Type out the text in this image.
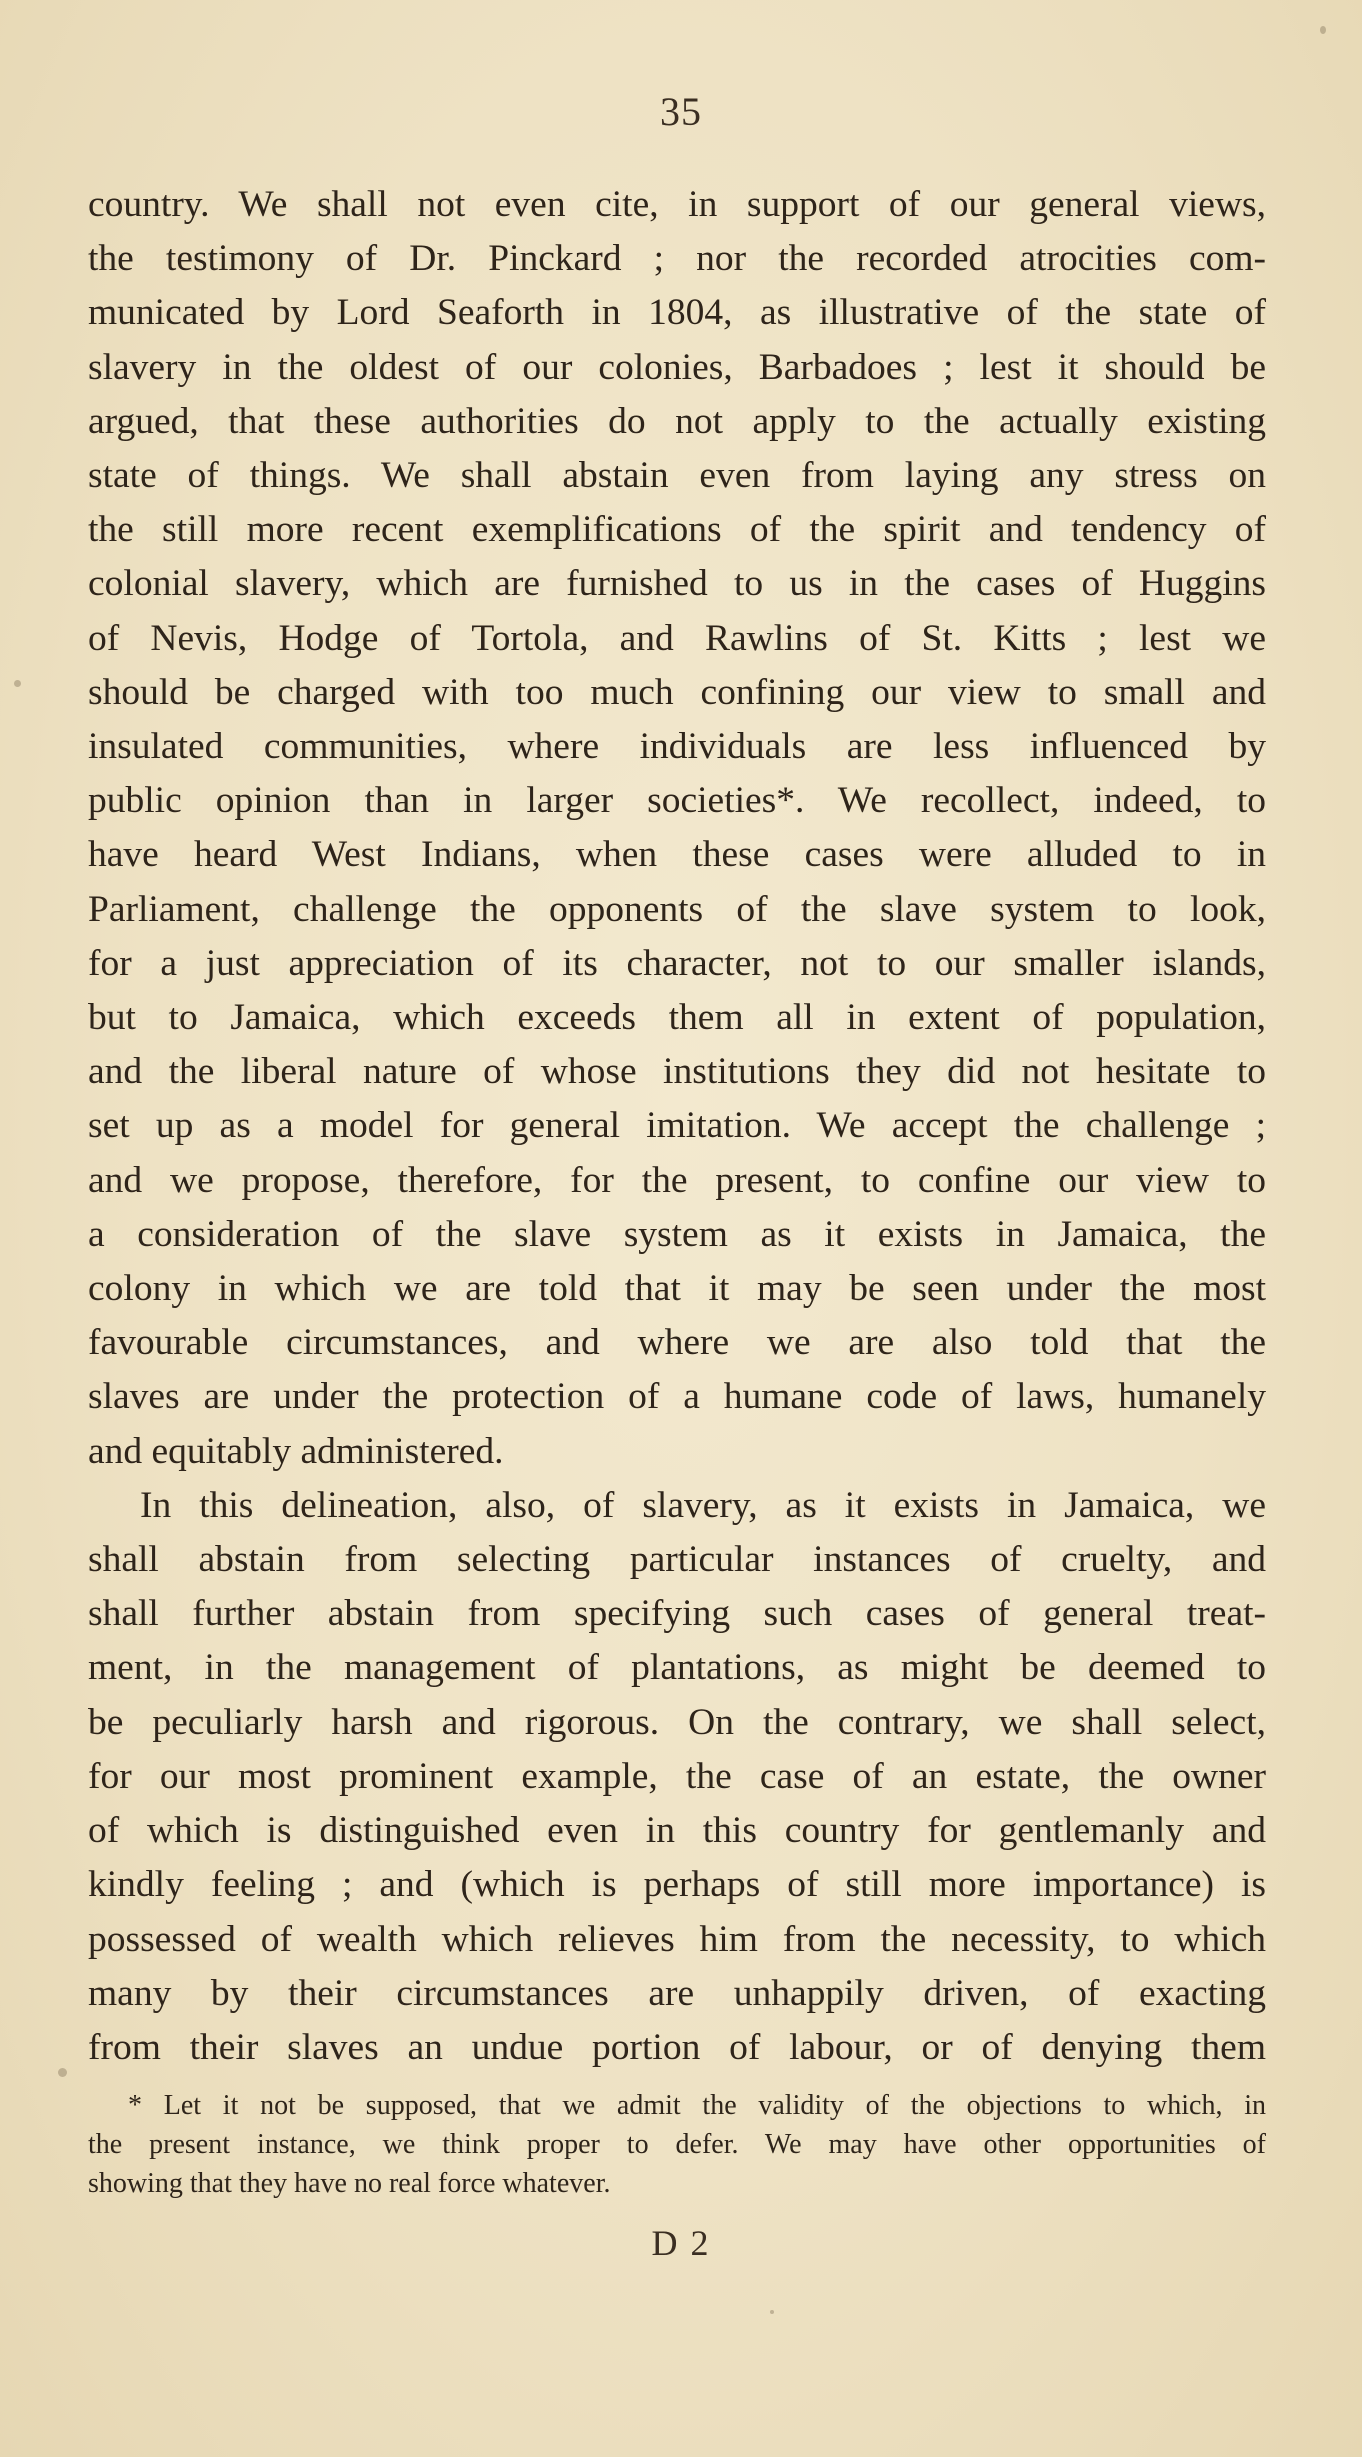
35

country. We shall not even cite, in support of our general views,

the testimony of Dr. Pinckard ; nor the recorded atrocities com-

municated by Lord Seaforth in 1804, as illustrative of the state of

slavery in the oldest of our colonies, Barbadoes ; lest it should be

argued, that these authorities do not apply to the actually existing

state of things. We shall abstain even from laying any stress on

the still more recent exemplifications of the spirit and tendency of

colonial slavery, which are furnished to us in the cases of Huggins

of Nevis, Hodge of Tortola, and Rawlins of St. Kitts ; lest we

should be charged with too much confining our view to small and

insulated communities, where individuals are less influenced by

public opinion than in larger societies*. We recollect, indeed, to

have heard West Indians, when these cases were alluded to in

Parliament, challenge the opponents of the slave system to look,

for a just appreciation of its character, not to our smaller islands,

but to Jamaica, which exceeds them all in extent of population,

and the liberal nature of whose institutions they did not hesitate to

set up as a model for general imitation. We accept the challenge ;

and we propose, therefore, for the present, to confine our view to

a consideration of the slave system as it exists in Jamaica, the

colony in which we are told that it may be seen under the most

favourable circumstances, and where we are also told that the

slaves are under the protection of a humane code of laws, humanely

and equitably administered.

In this delineation, also, of slavery, as it exists in Jamaica, we

shall abstain from selecting particular instances of cruelty, and

shall further abstain from specifying such cases of general treat-

ment, in the management of plantations, as might be deemed to

be peculiarly harsh and rigorous. On the contrary, we shall select,

for our most prominent example, the case of an estate, the owner

of which is distinguished even in this country for gentlemanly and

kindly feeling ; and (which is perhaps of still more importance) is

possessed of wealth which relieves him from the necessity, to which

many by their circumstances are unhappily driven, of exacting

from their slaves an undue portion of labour, or of denying them

* Let it not be supposed, that we admit the validity of the objections to which, in

the present instance, we think proper to defer. We may have other opportunities of

showing that they have no real force whatever.

D 2
